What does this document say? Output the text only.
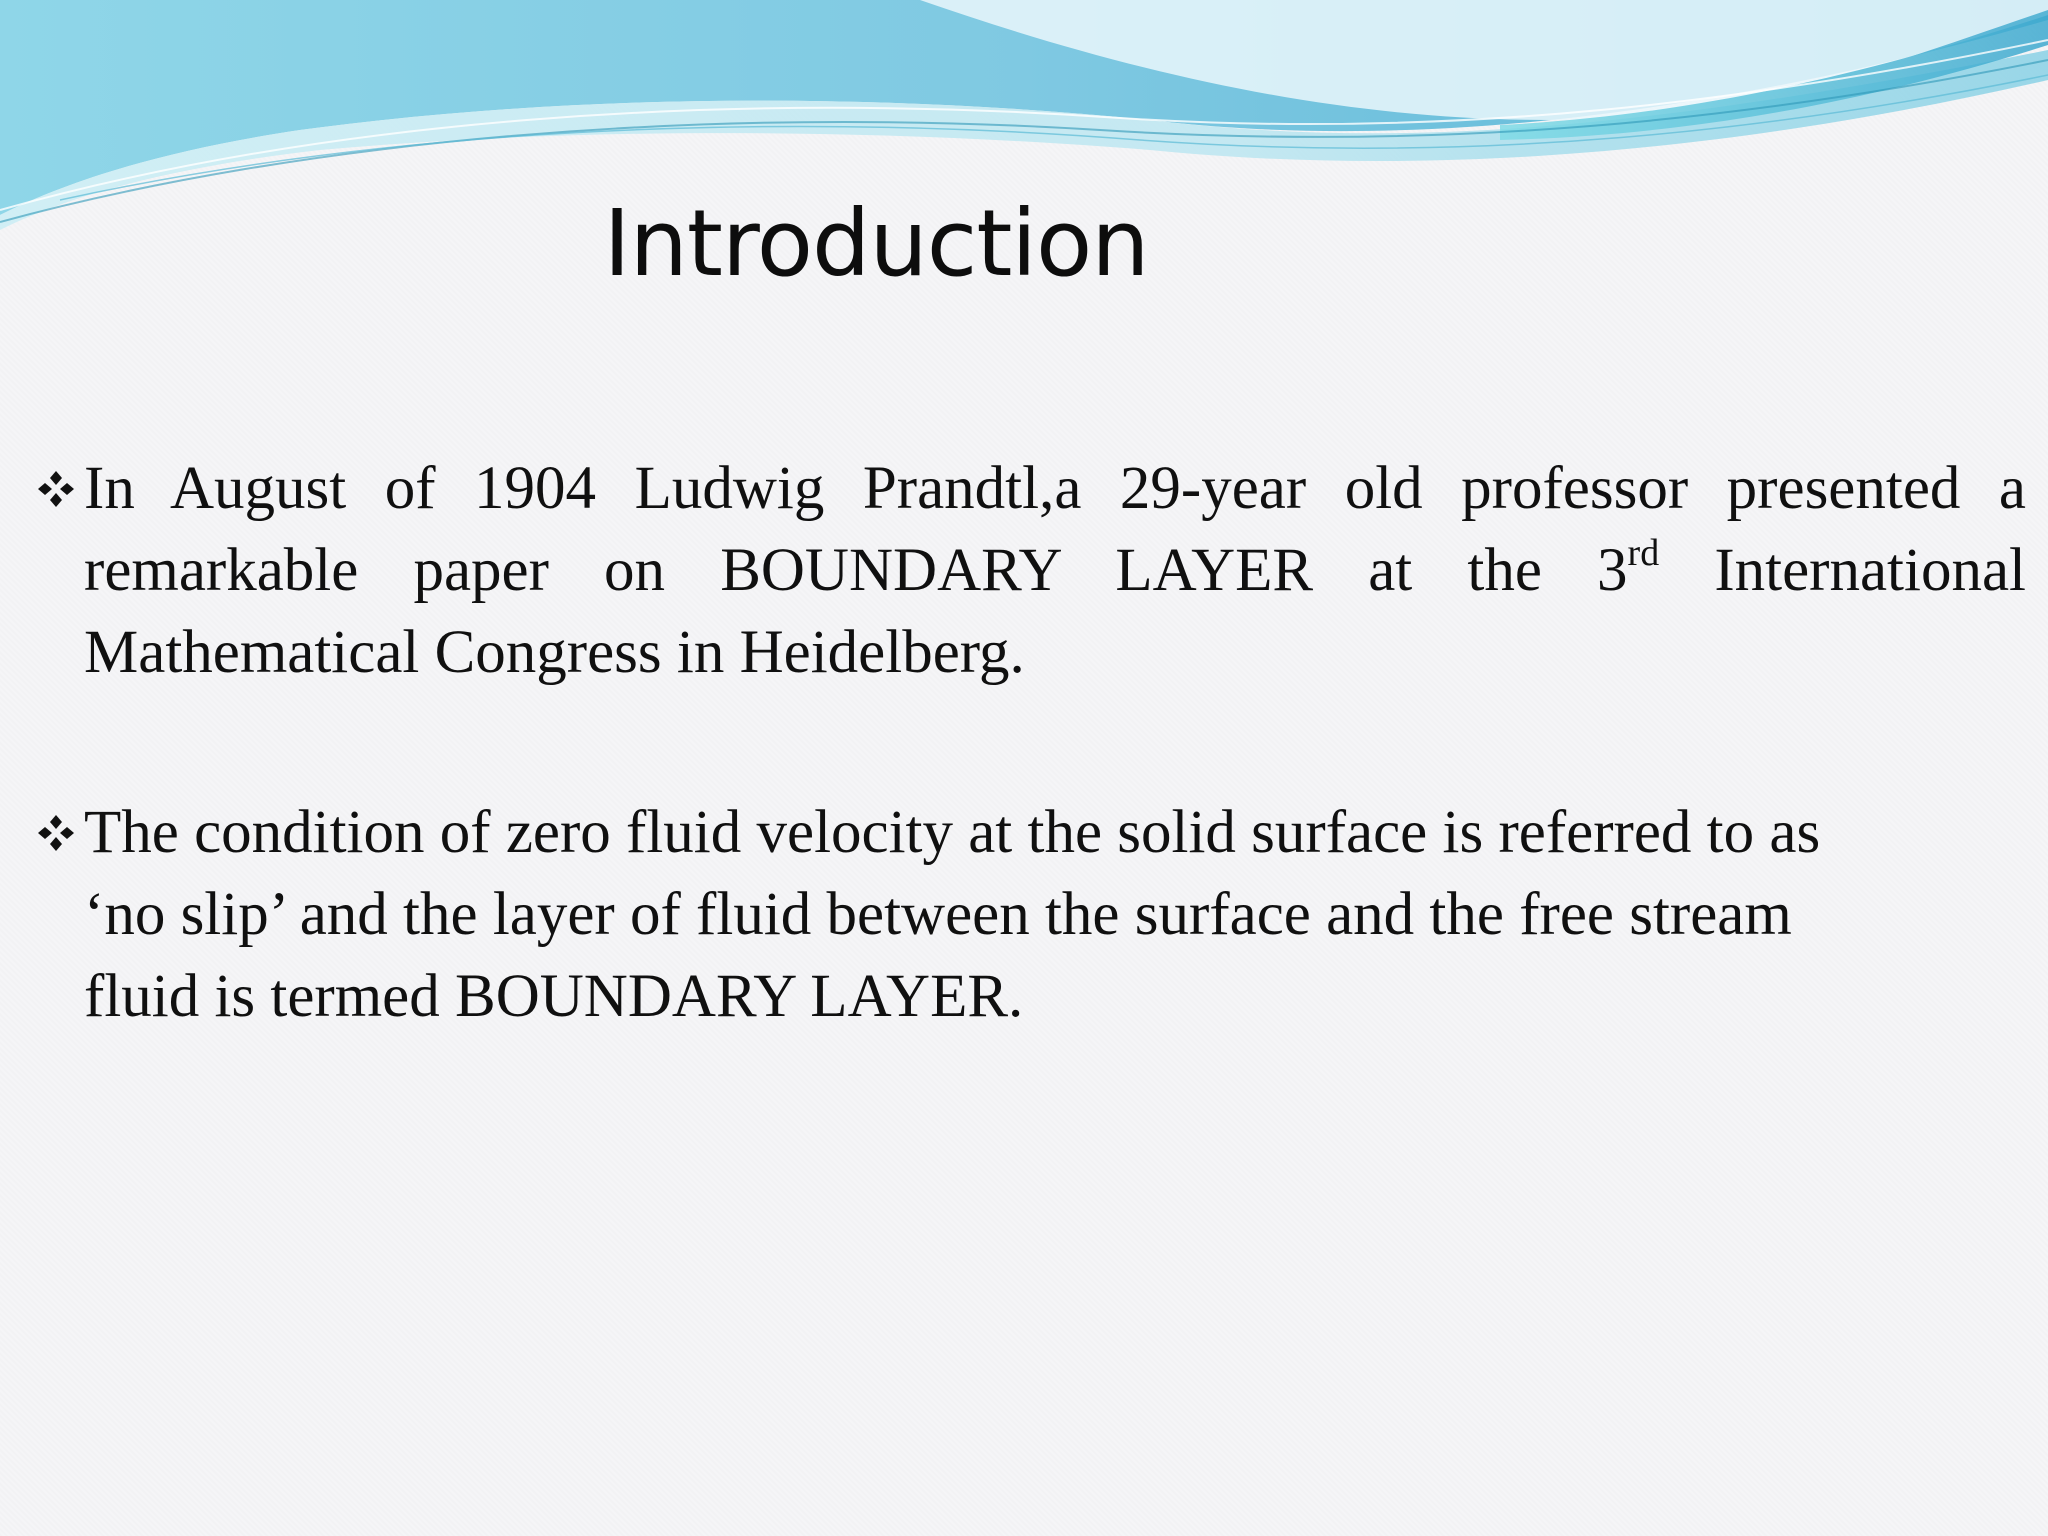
Introduction
In August of 1904 Ludwig Prandtl,a 29-year old professor presented a
remarkable paper on BOUNDARY LAYER at the 3rd International
Mathematical Congress in Heidelberg.
The condition of zero fluid velocity at the solid surface is referred to as
‘no slip’ and the layer of fluid between the surface and the free stream
fluid is termed BOUNDARY LAYER.
